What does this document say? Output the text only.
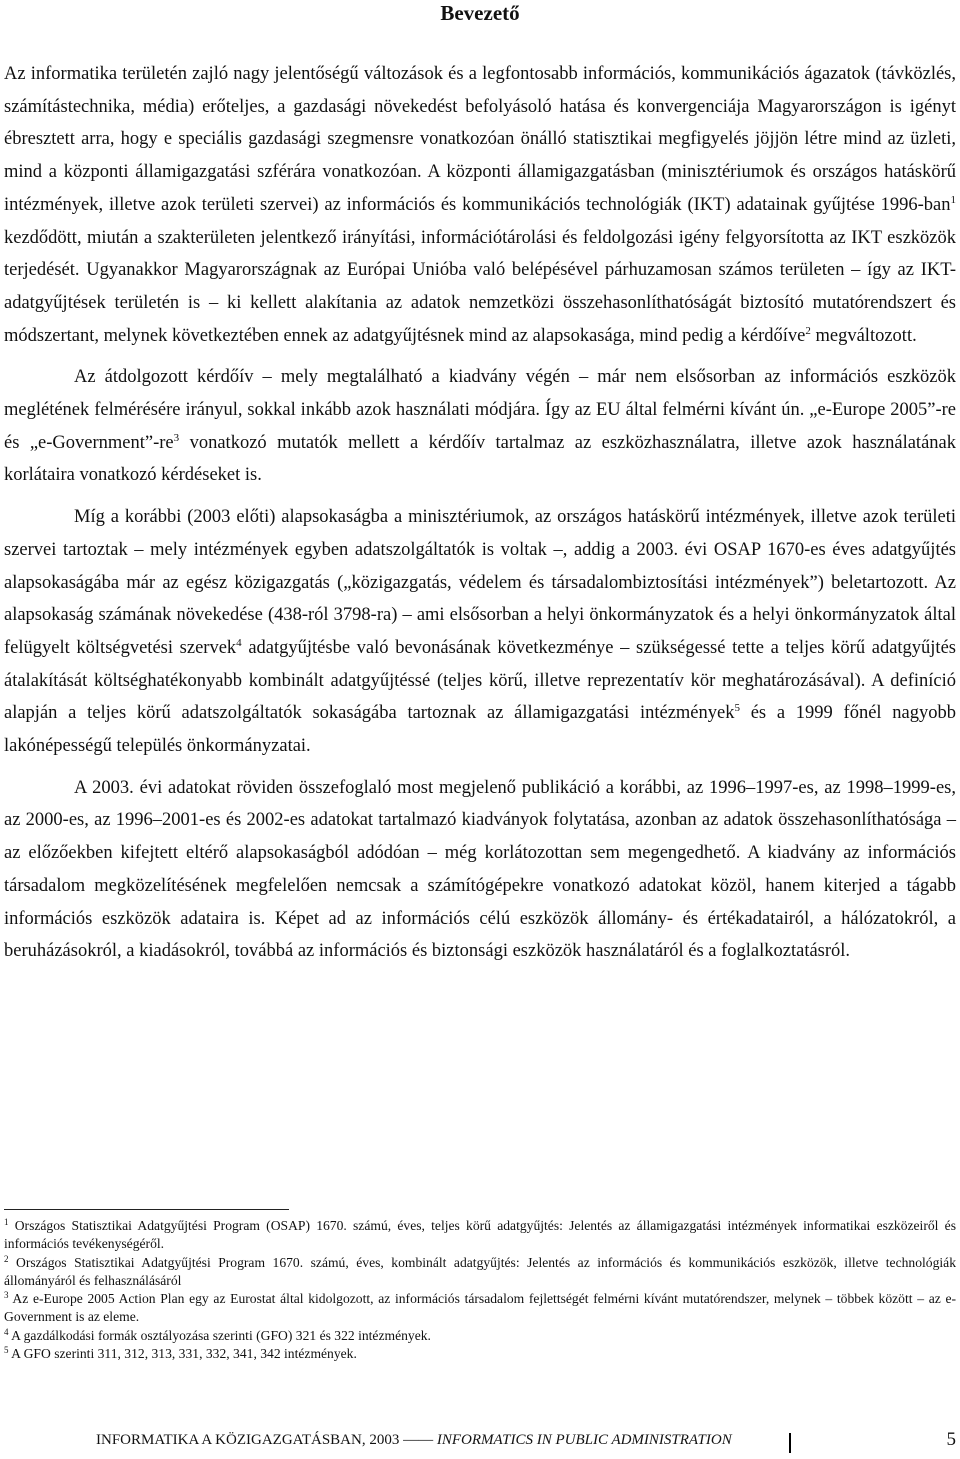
Bevezető

Az informatika területén zajló nagy jelentőségű változások és a legfontosabb információs, kommunikációs ágazatok (távközlés, számítástechnika, média) erőteljes, a gazdasági növekedést befolyásoló hatása és konvergenciája Magyarországon is igényt ébresztett arra, hogy e speciális gazdasági szegmensre vonatkozóan önálló statisztikai megfigyelés jöjjön létre mind az üzleti, mind a központi államigazgatási szférára vonatkozóan. A központi államigazgatásban (minisztériumok és országos hatáskörű intézmények, illetve azok területi szervei) az információs és kommunikációs technológiák (IKT) adatainak gyűjtése 1996-ban$^1$ kezdődött, miután a szakterületen jelentkező irányítási, információtárolási és feldolgozási igény felgyorsította az IKT eszközök terjedését. Ugyanakkor Magyarországnak az Európai Unióba való belépésével párhuzamosan számos területen – így az IKT-adatgyűjtések területén is – ki kellett alakítania az adatok nemzetközi összehasonlíthatóságát biztosító mutatórendszert és módszertant, melynek következtében ennek az adatgyűjtésnek mind az alapsokasága, mind pedig a kérdőíve$^2$ megváltozott.

Az átdolgozott kérdőív – mely megtalálható a kiadvány végén – már nem elsősorban az információs eszközök meglétének felmérésére irányul, sokkal inkább azok használati módjára. Így az EU által felmérni kívánt ún. „e-Europe 2005”-re és $„e-Government”-re^3$ vonatkozó mutatók mellett a kérdőív tartalmaz az eszközhasználatra, illetve azok használatának korlátaira vonatkozó kérdéseket is.

Míg a korábbi (2003 előti) alapsokaságba a minisztériumok, az országos hatáskörű intézmények, illetve azok területi szervei tartoztak – mely intézmények egyben adatszolgáltatók is voltak –, addig a 2003. évi OSAP 1670-es éves adatgyűjtés alapsokaságába már az egész közigazgatás („közigazgatás, védelem és társadalombiztosítási intézmények”) beletartozott. Az alapsokaság számának növekedése (438-ról 3798-ra) – ami elsősorban a helyi önkormányzatok és a helyi önkormányzatok által felügyelt költségvetési szervek$^4$ adatgyűjtésbe való bevonásának következménye – szükségessé tette a teljes körű adatgyűjtés átalakítását költséghatékonyabb kombinált adatgyűjtéssé (teljes körű, illetve reprezentatív kör meghatározásával). A definíció alapján a teljes körű adatszolgáltatók sokaságába tartoznak az államigazgatási intézmények$^5$ és a 1999 főnél nagyobb lakónépességű település önkormányzatai.

A 2003. évi adatokat röviden összefoglaló most megjelenő publikáció a korábbi, az 1996–1997-es, az 1998–1999-es, az 2000-es, az 1996–2001-es és 2002-es adatokat tartalmazó kiadványok folytatása, azonban az adatok összehasonlíthatósága – az előzőekben kifejtett eltérő alapsokaságból adódóan – még korlátozottan sem megengedhető. A kiadvány az információs társadalom megközelítésének megfelelően nemcsak a számítógépekre vonatkozó adatokat közöl, hanem kiterjed a tágabb információs eszközök adataira is. Képet ad az információs célú eszközök állomány- és értékadatairól, a hálózatokról, a beruházásokról, a kiadásokról, továbbá az információs és biztonsági eszközök használatáról és a foglalkoztatásról.

$^1$ Országos Statisztikai Adatgyűjtési Program (OSAP) 1670. számú, éves, teljes körű adatgyűjtés: Jelentés az államigazgatási intézmények informatikai eszközeiről és információs tevékenységéről.

$^2$ Országos Statisztikai Adatgyűjtési Program 1670. számú, éves, kombinált adatgyűjtés: Jelentés az információs és kommunikációs eszközök, illetve technológiák állományáról és felhasználásáról

$^3$ Az e-Europe 2005 Action Plan egy az Eurostat által kidolgozott, az információs társadalom fejlettségét felmérni kívánt mutatórendszer, melynek – többek között – az e-Government is az eleme.

$^4$ A gazdálkodási formák osztályozása szerinti (GFO) 321 és 322 intézmények.

$^5$ A GFO szerinti 311, 312, 313, 331, 332, 341, 342 intézmények.

INFORMATIKA A KÖZIGAZGATÁSBAN, 2003 —— INFORMATICS IN PUBLIC ADMINISTRATION	5
